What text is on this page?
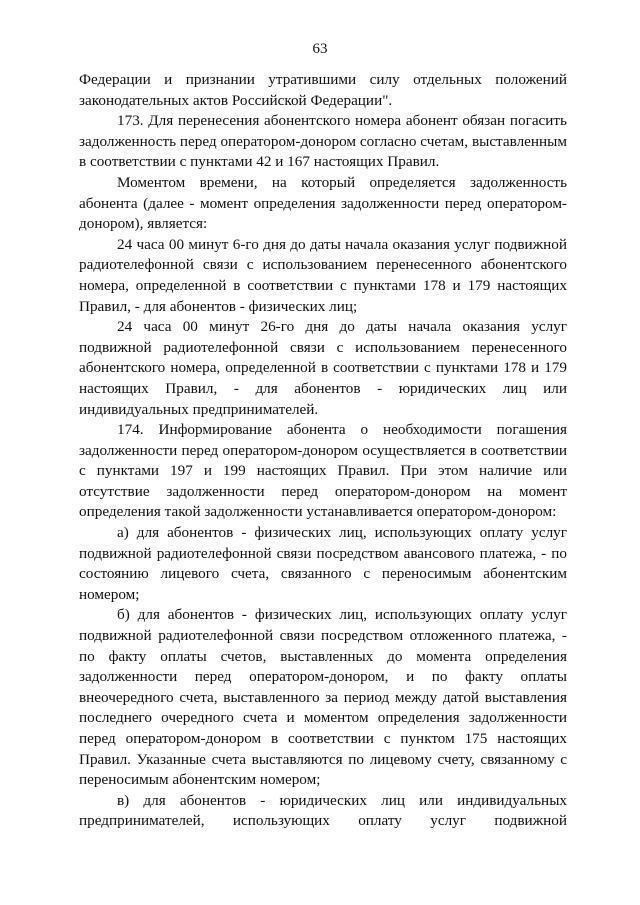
63

Федерации и признании утратившими силу отдельных положений законодательных актов Российской Федерации".

173. Для перенесения абонентского номера абонент обязан погасить задолженность перед оператором-донором согласно счетам, выставленным в соответствии с пунктами 42 и 167 настоящих Правил.

Моментом времени, на который определяется задолженность абонента (далее - момент определения задолженности перед оператором-донором), является:

24 часа 00 минут 6-го дня до даты начала оказания услуг подвижной радиотелефонной связи с использованием перенесенного абонентского номера, определенной в соответствии с пунктами 178 и 179 настоящих Правил, - для абонентов - физических лиц;

24 часа 00 минут 26-го дня до даты начала оказания услуг подвижной радиотелефонной связи с использованием перенесенного абонентского номера, определенной в соответствии с пунктами 178 и 179 настоящих Правил, - для абонентов - юридических лиц или индивидуальных предпринимателей.

174. Информирование абонента о необходимости погашения задолженности перед оператором-донором осуществляется в соответствии с пунктами 197 и 199 настоящих Правил. При этом наличие или отсутствие задолженности перед оператором-донором на момент определения такой задолженности устанавливается оператором-донором:

а) для абонентов - физических лиц, использующих оплату услуг подвижной радиотелефонной связи посредством авансового платежа, - по состоянию лицевого счета, связанного с переносимым абонентским номером;

б) для абонентов - физических лиц, использующих оплату услуг подвижной радиотелефонной связи посредством отложенного платежа, - по факту оплаты счетов, выставленных до момента определения задолженности перед оператором-донором, и по факту оплаты внеочередного счета, выставленного за период между датой выставления последнего очередного счета и моментом определения задолженности перед оператором-донором в соответствии с пунктом 175 настоящих Правил. Указанные счета выставляются по лицевому счету, связанному с переносимым абонентским номером;

в) для абонентов - юридических лиц или индивидуальных предпринимателей, использующих оплату услуг подвижной
